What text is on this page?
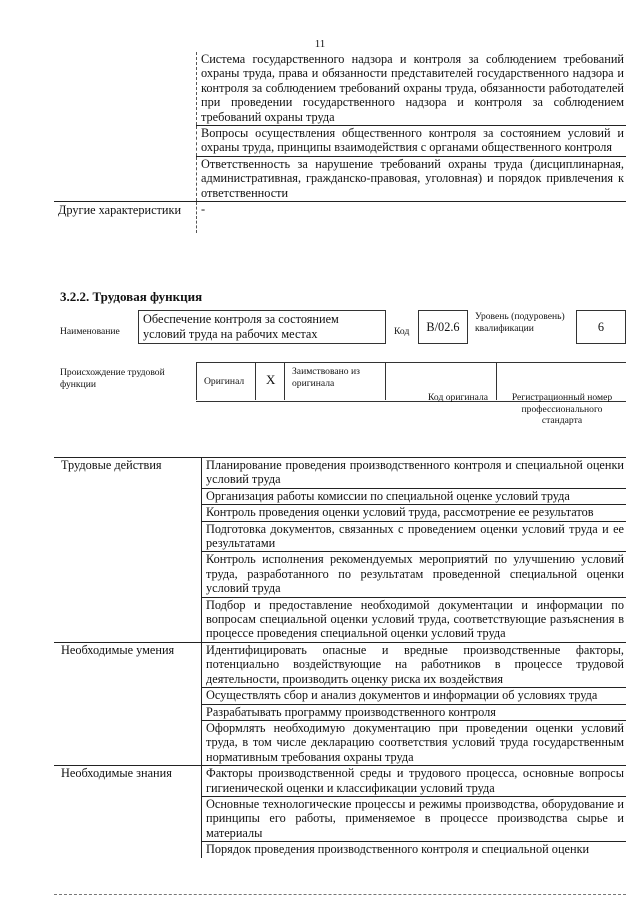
11
	Система государственного надзора и контроля за соблюдением требований охраны труда, права и обязанности представителей государственного надзора и контроля за соблюдением требований охраны труда, обязанности работодателей при проведении государственного надзора и контроля за соблюдением требований охраны труда
	Вопросы осуществления общественного контроля за состоянием условий и охраны труда, принципы взаимодействия с органами общественного контроля
	Ответственность за нарушение требований охраны труда (дисциплинарная, административная, гражданско-правовая, уголовная) и порядок привлечения к ответственности
Другие характеристики	-
3.2.2. Трудовая функция
Наименование
Обеспечение контроля за состоянием условий труда на рабочих местах	Код	В/02.6
Уровень (подуровень) квалификации	6
Происхождение трудовой функции	Оригинал X
Заимствовано из оригинала
Код оригинала Регистрационный номер профессионального стандарта
Трудовые действия	Планирование проведения производственного контроля и специальной оценки условий труда
	Организация работы комиссии по специальной оценке условий труда
	Контроль проведения оценки условий труда, рассмотрение ее результатов
	Подготовка документов, связанных с проведением оценки условий труда и ее результатами
	Контроль исполнения рекомендуемых мероприятий по улучшению условий труда, разработанного по результатам проведенной специальной оценки условий труда
	Подбор и предоставление необходимой документации и информации по вопросам специальной оценки условий труда, соответствующие разъяснения в процессе проведения специальной оценки условий труда
Необходимые умения	Идентифицировать опасные и вредные производственные факторы, потенциально воздействующие на работников в процессе трудовой деятельности, производить оценку риска их воздействия
	Осуществлять сбор и анализ документов и информации об условиях труда
	Разрабатывать программу производственного контроля
	Оформлять необходимую документацию при проведении оценки условий труда, в том числе декларацию соответствия условий труда государственным нормативным требования охраны труда
Необходимые знания	Факторы производственной среды и трудового процесса, основные вопросы гигиенической оценки и классификации условий труда
	Основные технологические процессы и режимы производства, оборудование и принципы его работы, применяемое в процессе производства сырье и материалы
	Порядок проведения производственного контроля и специальной оценки
